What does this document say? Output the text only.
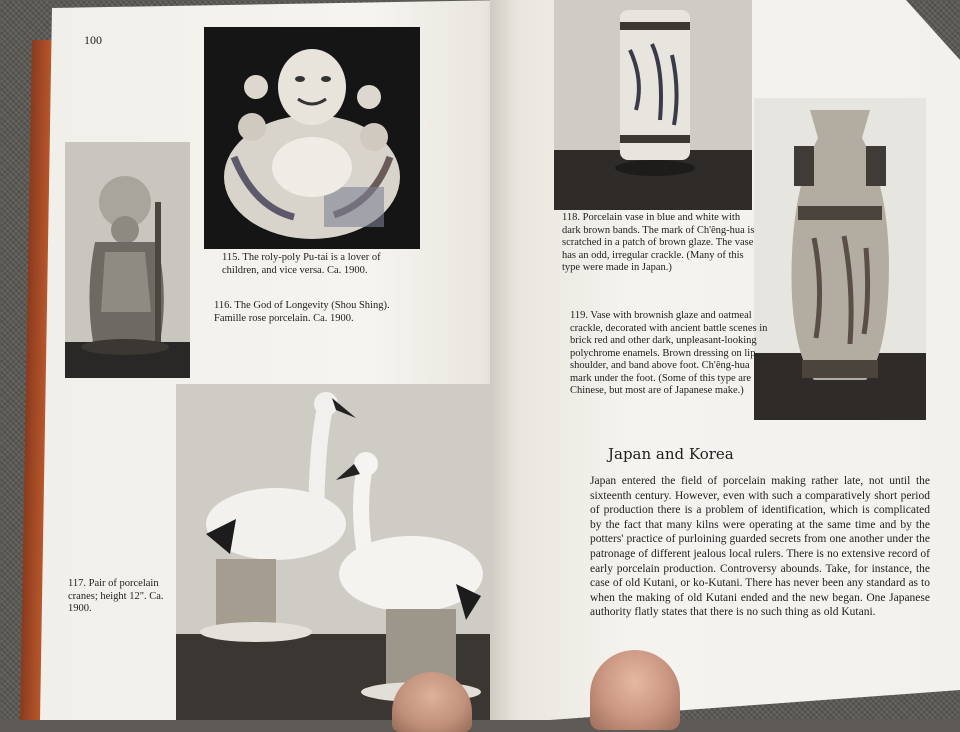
100
115. The roly-poly Pu-tai is a lover of children, and vice versa. Ca. 1900.
116. The God of Longevity (Shou Shing). Famille rose porcelain. Ca. 1900.
117. Pair of porcelain cranes; height 12". Ca. 1900.
118. Porcelain vase in blue and white with dark brown bands. The mark of Ch'êng-hua is scratched in a patch of brown glaze. The vase has an odd, irregular crackle. (Many of this type were made in Japan.)
119. Vase with brownish glaze and oatmeal crackle, decorated with ancient battle scenes in brick red and other dark, unpleasant-looking polychrome enamels. Brown dressing on lip, shoulder, and band above foot. Ch'êng-hua mark under the foot. (Some of this type are Chinese, but most are of Japanese make.)
Japan and Korea
Japan entered the field of porcelain making rather late, not until the sixteenth century. However, even with such a comparatively short period of production there is a problem of identification, which is complicated by the fact that many kilns were operating at the same time and by the potters' practice of purloining guarded secrets from one another under the patronage of different jealous local rulers. There is no extensive record of early porcelain production. Controversy abounds. Take, for instance, the case of old Kutani, or ko-Kutani. There has never been any standard as to when the making of old Kutani ended and the new began. One Japanese authority flatly states that there is no such thing as old Kutani.
